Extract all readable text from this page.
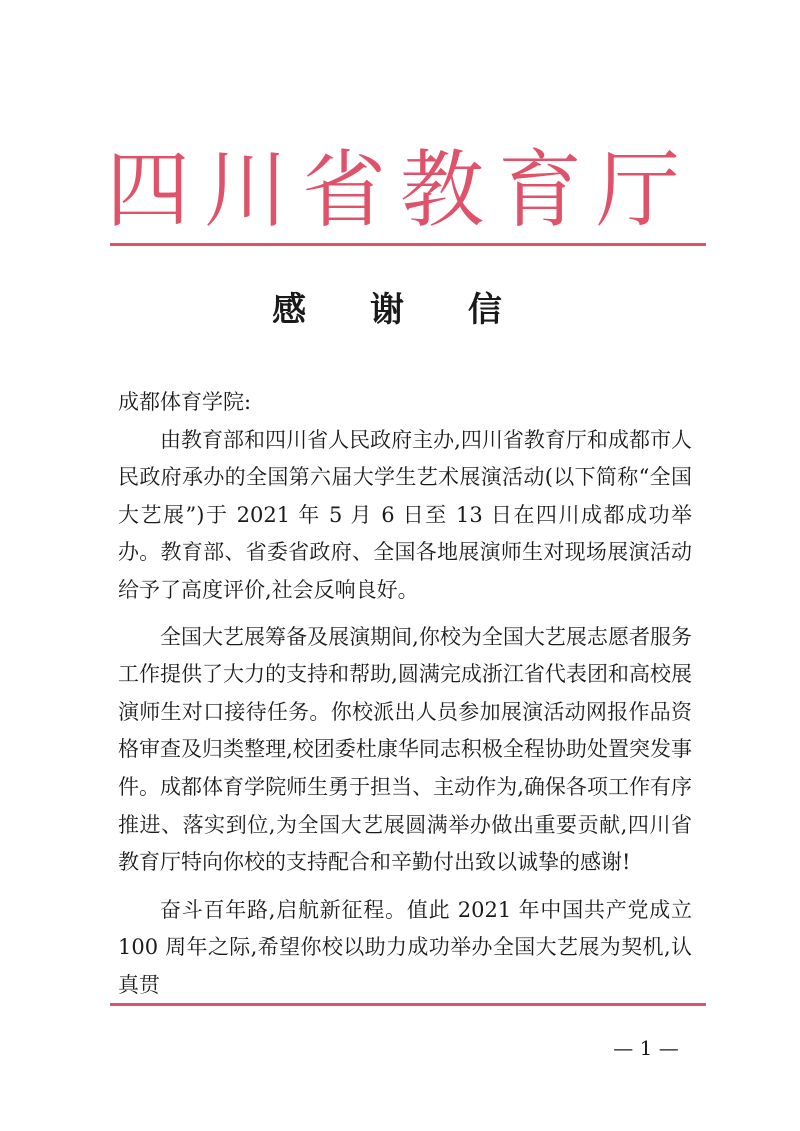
四川省教育厅
感 谢 信

成都体育学院:

由教育部和四川省人民政府主办,四川省教育厅和成都市人民政府承办的全国第六届大学生艺术展演活动(以下简称“全国大艺展”)于 2021 年 5 月 6 日至 13 日在四川成都成功举办。教育部、省委省政府、全国各地展演师生对现场展演活动给予了高度评价,社会反响良好。

全国大艺展筹备及展演期间,你校为全国大艺展志愿者服务工作提供了大力的支持和帮助,圆满完成浙江省代表团和高校展演师生对口接待任务。你校派出人员参加展演活动网报作品资格审查及归类整理,校团委杜康华同志积极全程协助处置突发事件。成都体育学院师生勇于担当、主动作为,确保各项工作有序推进、落实到位,为全国大艺展圆满举办做出重要贡献,四川省教育厅特向你校的支持配合和辛勤付出致以诚挚的感谢!

奋斗百年路,启航新征程。值此 2021 年中国共产党成立 100 周年之际,希望你校以助力成功举办全国大艺展为契机,认真贯

— 1 —
